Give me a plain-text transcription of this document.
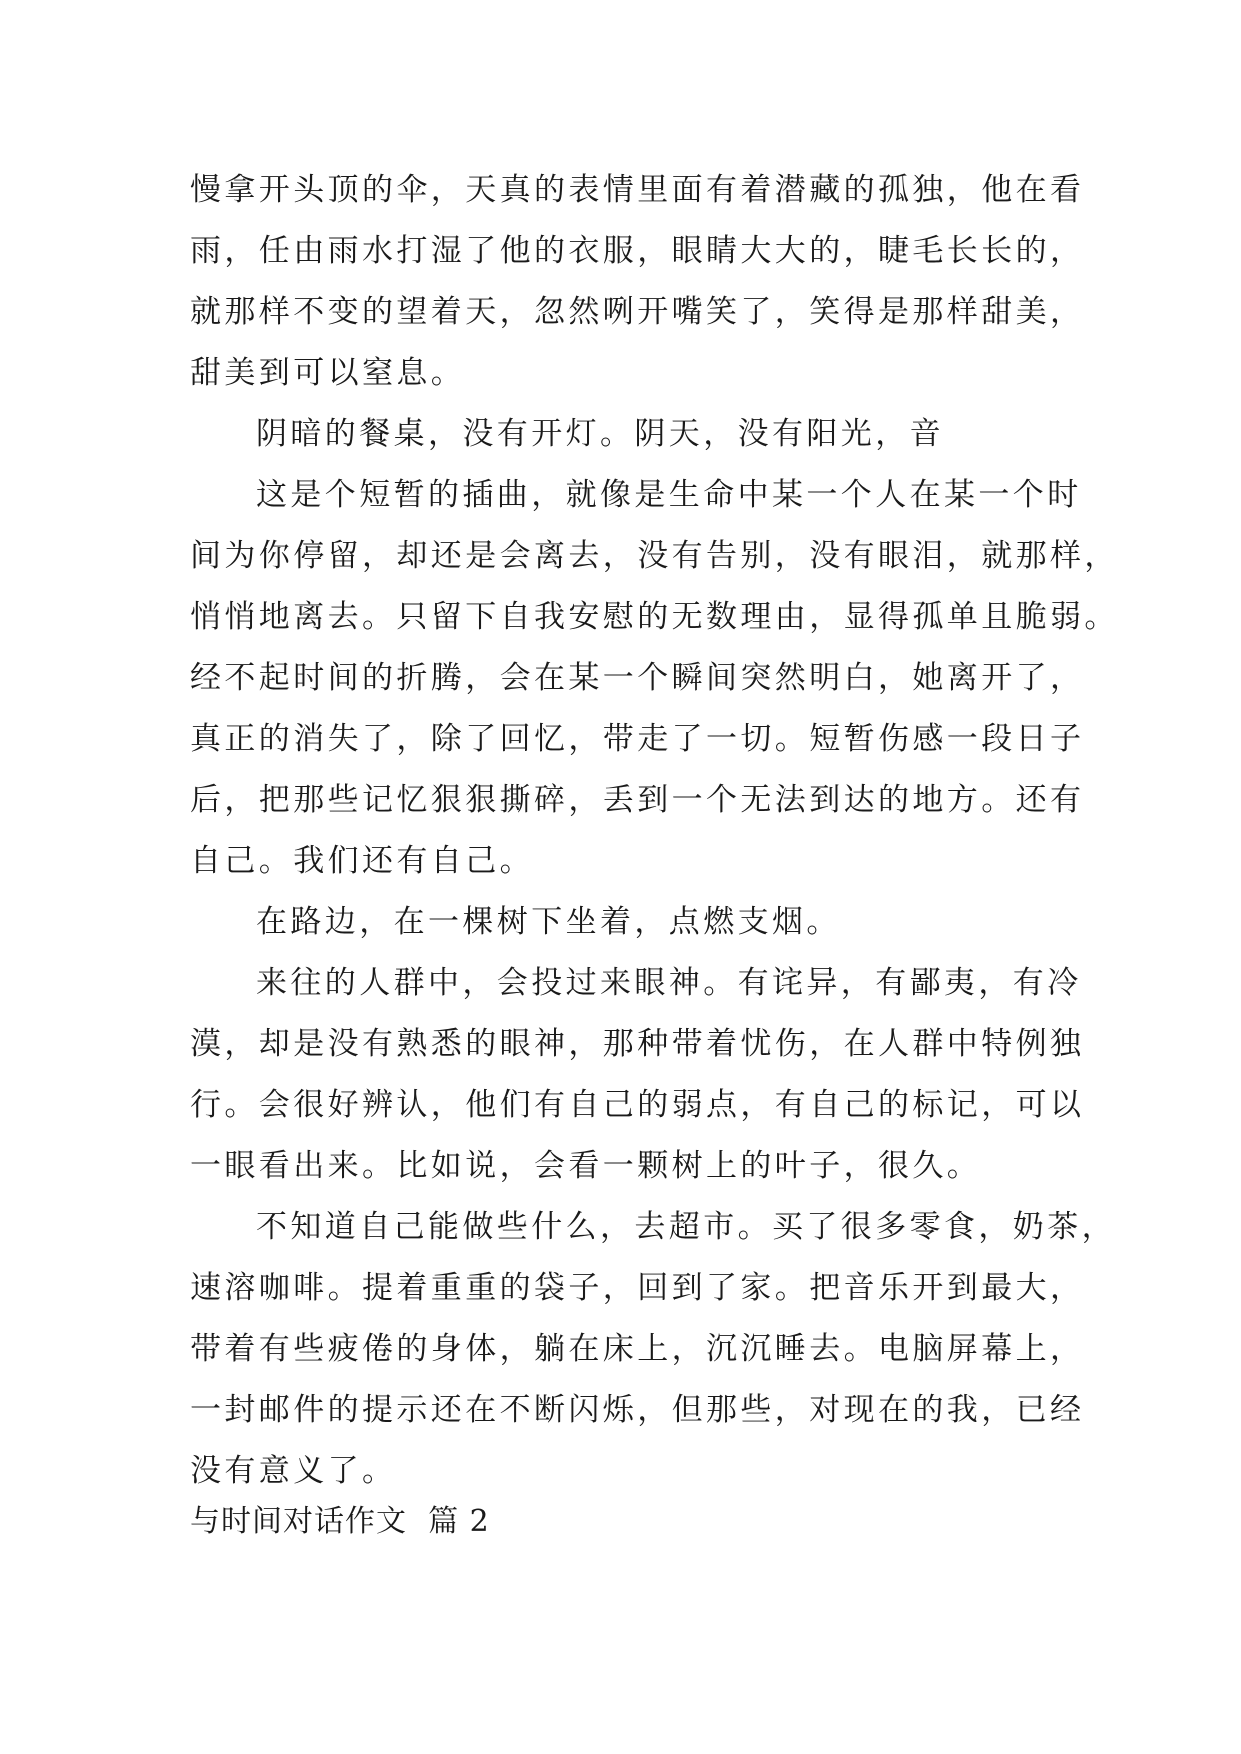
慢拿开头顶的伞，天真的表情里面有着潜藏的孤独，他在看
雨，任由雨水打湿了他的衣服，眼睛大大的，睫毛长长的，
就那样不变的望着天，忽然咧开嘴笑了，笑得是那样甜美，
甜美到可以窒息。
阴暗的餐桌，没有开灯。阴天，没有阳光，音
这是个短暂的插曲，就像是生命中某一个人在某一个时
间为你停留，却还是会离去，没有告别，没有眼泪，就那样，
悄悄地离去。只留下自我安慰的无数理由，显得孤单且脆弱。
经不起时间的折腾，会在某一个瞬间突然明白，她离开了，
真正的消失了，除了回忆，带走了一切。短暂伤感一段日子
后，把那些记忆狠狠撕碎，丢到一个无法到达的地方。还有
自己。我们还有自己。
在路边，在一棵树下坐着，点燃支烟。
来往的人群中，会投过来眼神。有诧异，有鄙夷，有冷
漠，却是没有熟悉的眼神，那种带着忧伤，在人群中特例独
行。会很好辨认，他们有自己的弱点，有自己的标记，可以
一眼看出来。比如说，会看一颗树上的叶子，很久。
不知道自己能做些什么，去超市。买了很多零食，奶茶，
速溶咖啡。提着重重的袋子，回到了家。把音乐开到最大，
带着有些疲倦的身体，躺在床上，沉沉睡去。电脑屏幕上，
一封邮件的提示还在不断闪烁，但那些，对现在的我，已经
没有意义了。
与时间对话作文  篇 2
